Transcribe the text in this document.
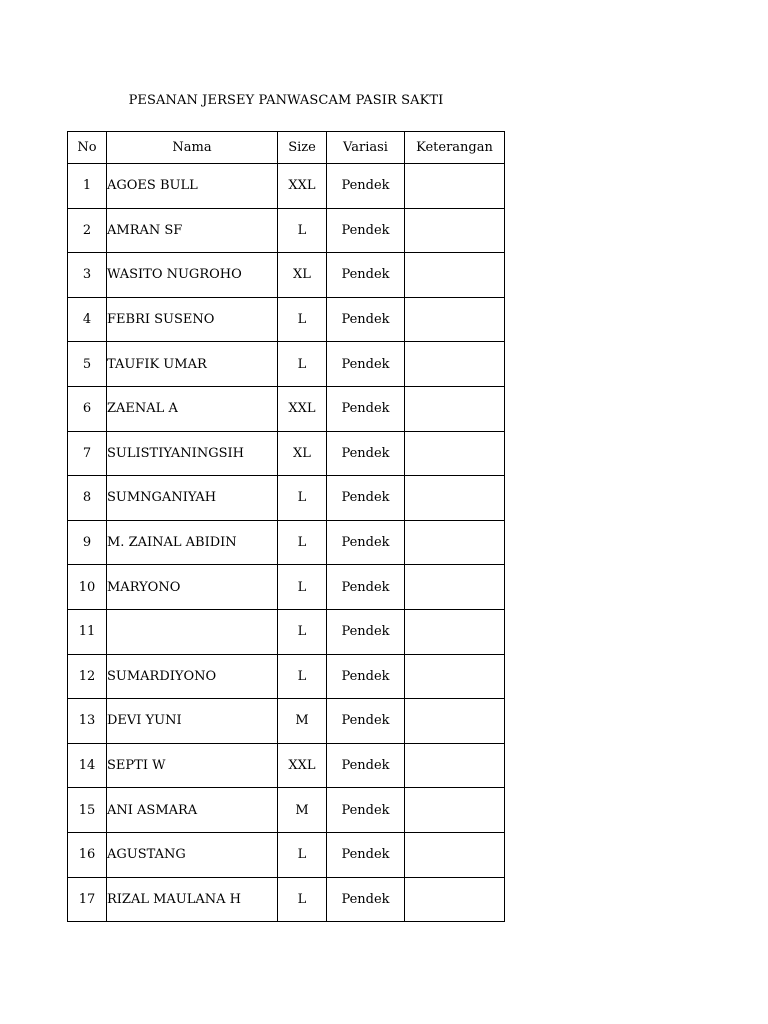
PESANAN JERSEY PANWASCAM PASIR SAKTI
No	Nama	Size	Variasi	Keterangan
1	AGOES BULL	XXL	Pendek	
2	AMRAN SF	L	Pendek	
3	WASITO NUGROHO	XL	Pendek	
4	FEBRI SUSENO	L	Pendek	
5	TAUFIK UMAR	L	Pendek	
6	ZAENAL A	XXL	Pendek	
7	SULISTIYANINGSIH	XL	Pendek	
8	SUMNGANIYAH	L	Pendek	
9	M. ZAINAL ABIDIN	L	Pendek	
10	MARYONO	L	Pendek	
11		L	Pendek	
12	SUMARDIYONO	L	Pendek	
13	DEVI YUNI	M	Pendek	
14	SEPTI W	XXL	Pendek	
15	ANI ASMARA	M	Pendek	
16	AGUSTANG	L	Pendek	
17	RIZAL MAULANA H	L	Pendek	
